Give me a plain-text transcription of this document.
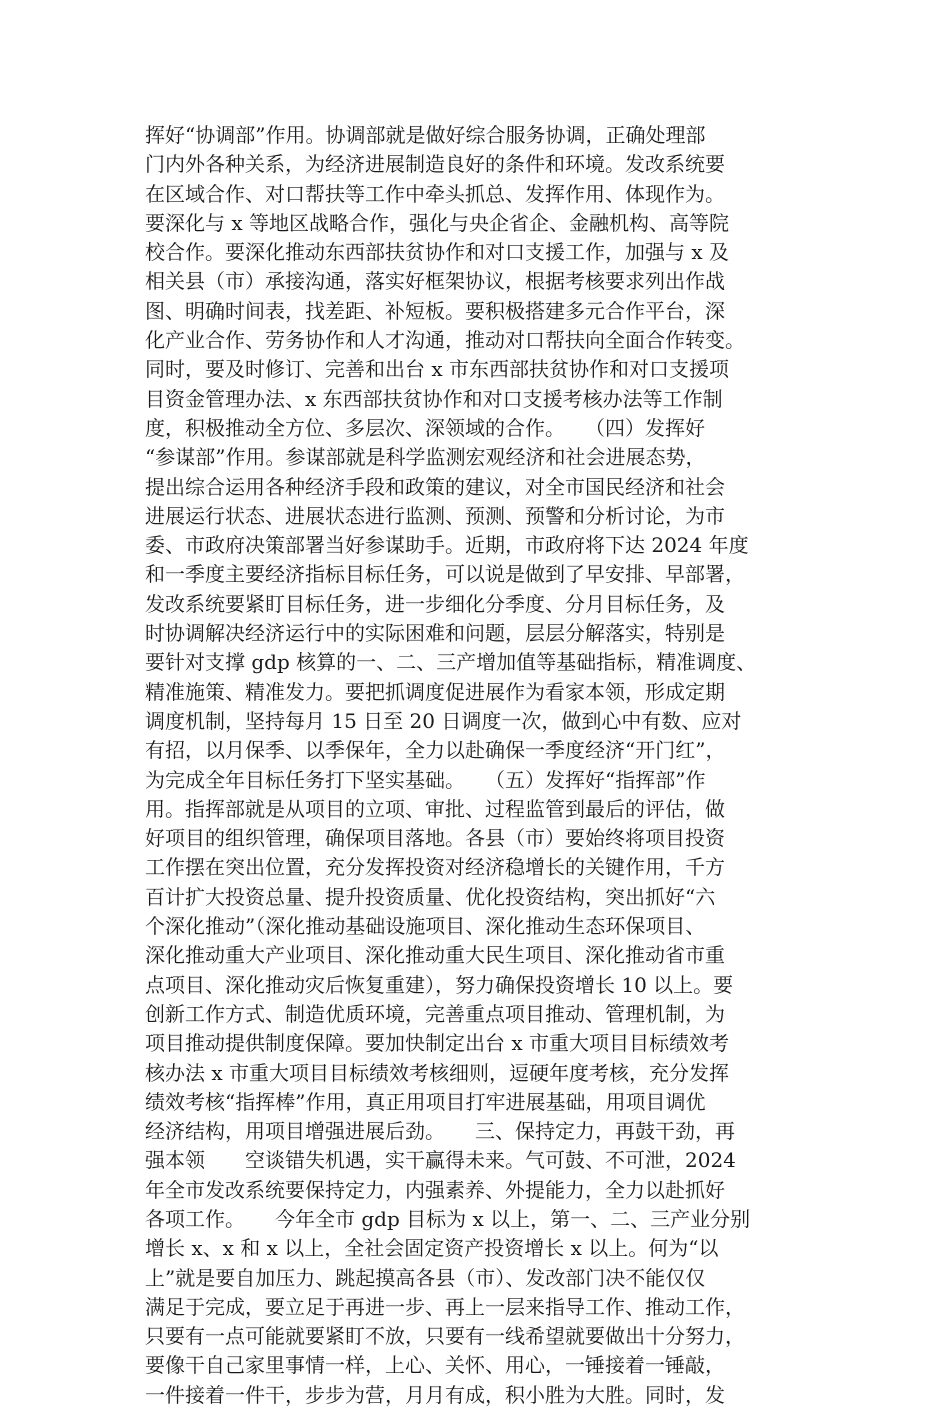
挥好“协调部”作用。协调部就是做好综合服务协调，正确处理部
门内外各种关系，为经济进展制造良好的条件和环境。发改系统要
在区域合作、对口帮扶等工作中牵头抓总、发挥作用、体现作为。
要深化与 x 等地区战略合作，强化与央企省企、金融机构、高等院
校合作。要深化推动东西部扶贫协作和对口支援工作，加强与 x 及
相关县（市）承接沟通，落实好框架协议，根据考核要求列出作战
图、明确时间表，找差距、补短板。要积极搭建多元合作平台，深
化产业合作、劳务协作和人才沟通，推动对口帮扶向全面合作转变。
同时，要及时修订、完善和出台 x 市东西部扶贫协作和对口支援项
目资金管理办法、x 东西部扶贫协作和对口支援考核办法等工作制
度，积极推动全方位、多层次、深领域的合作。　　（四）发挥好
“参谋部”作用。参谋部就是科学监测宏观经济和社会进展态势，
提出综合运用各种经济手段和政策的建议，对全市国民经济和社会
进展运行状态、进展状态进行监测、预测、预警和分析讨论，为市
委、市政府决策部署当好参谋助手。近期，市政府将下达 2024 年度
和一季度主要经济指标目标任务，可以说是做到了早安排、早部署，
发改系统要紧盯目标任务，进一步细化分季度、分月目标任务，及
时协调解决经济运行中的实际困难和问题，层层分解落实，特别是
要针对支撑 gdp 核算的一、二、三产增加值等基础指标，精准调度、
精准施策、精准发力。要把抓调度促进展作为看家本领，形成定期
调度机制，坚持每月 15 日至 20 日调度一次，做到心中有数、应对
有招，以月保季、以季保年，全力以赴确保一季度经济“开门红”，
为完成全年目标任务打下坚实基础。　　（五）发挥好“指挥部”作
用。指挥部就是从项目的立项、审批、过程监管到最后的评估，做
好项目的组织管理，确保项目落地。各县（市）要始终将项目投资
工作摆在突出位置，充分发挥投资对经济稳增长的关键作用，千方
百计扩大投资总量、提升投资质量、优化投资结构，突出抓好“六
个深化推动”（深化推动基础设施项目、深化推动生态环保项目、
深化推动重大产业项目、深化推动重大民生项目、深化推动省市重
点项目、深化推动灾后恢复重建），努力确保投资增长 10 以上。要
创新工作方式、制造优质环境，完善重点项目推动、管理机制，为
项目推动提供制度保障。要加快制定出台 x 市重大项目目标绩效考
核办法 x 市重大项目目标绩效考核细则，逗硬年度考核，充分发挥
绩效考核“指挥棒”作用，真正用项目打牢进展基础，用项目调优
经济结构，用项目增强进展后劲。　　三、保持定力，再鼓干劲，再
强本领　　空谈错失机遇，实干赢得未来。气可鼓、不可泄，2024
年全市发改系统要保持定力，内强素养、外提能力，全力以赴抓好
各项工作。　　今年全市 gdp 目标为 x 以上，第一、二、三产业分别
增长 x、x 和 x 以上，全社会固定资产投资增长 x 以上。何为“以
上”就是要自加压力、跳起摸高各县（市）、发改部门决不能仅仅
满足于完成，要立足于再进一步、再上一层来指导工作、推动工作，
只要有一点可能就要紧盯不放，只要有一线希望就要做出十分努力，
要像干自己家里事情一样，上心、关怀、用心，一锤接着一锤敲，
一件接着一件干，步步为营，月月有成，积小胜为大胜。同时，发
